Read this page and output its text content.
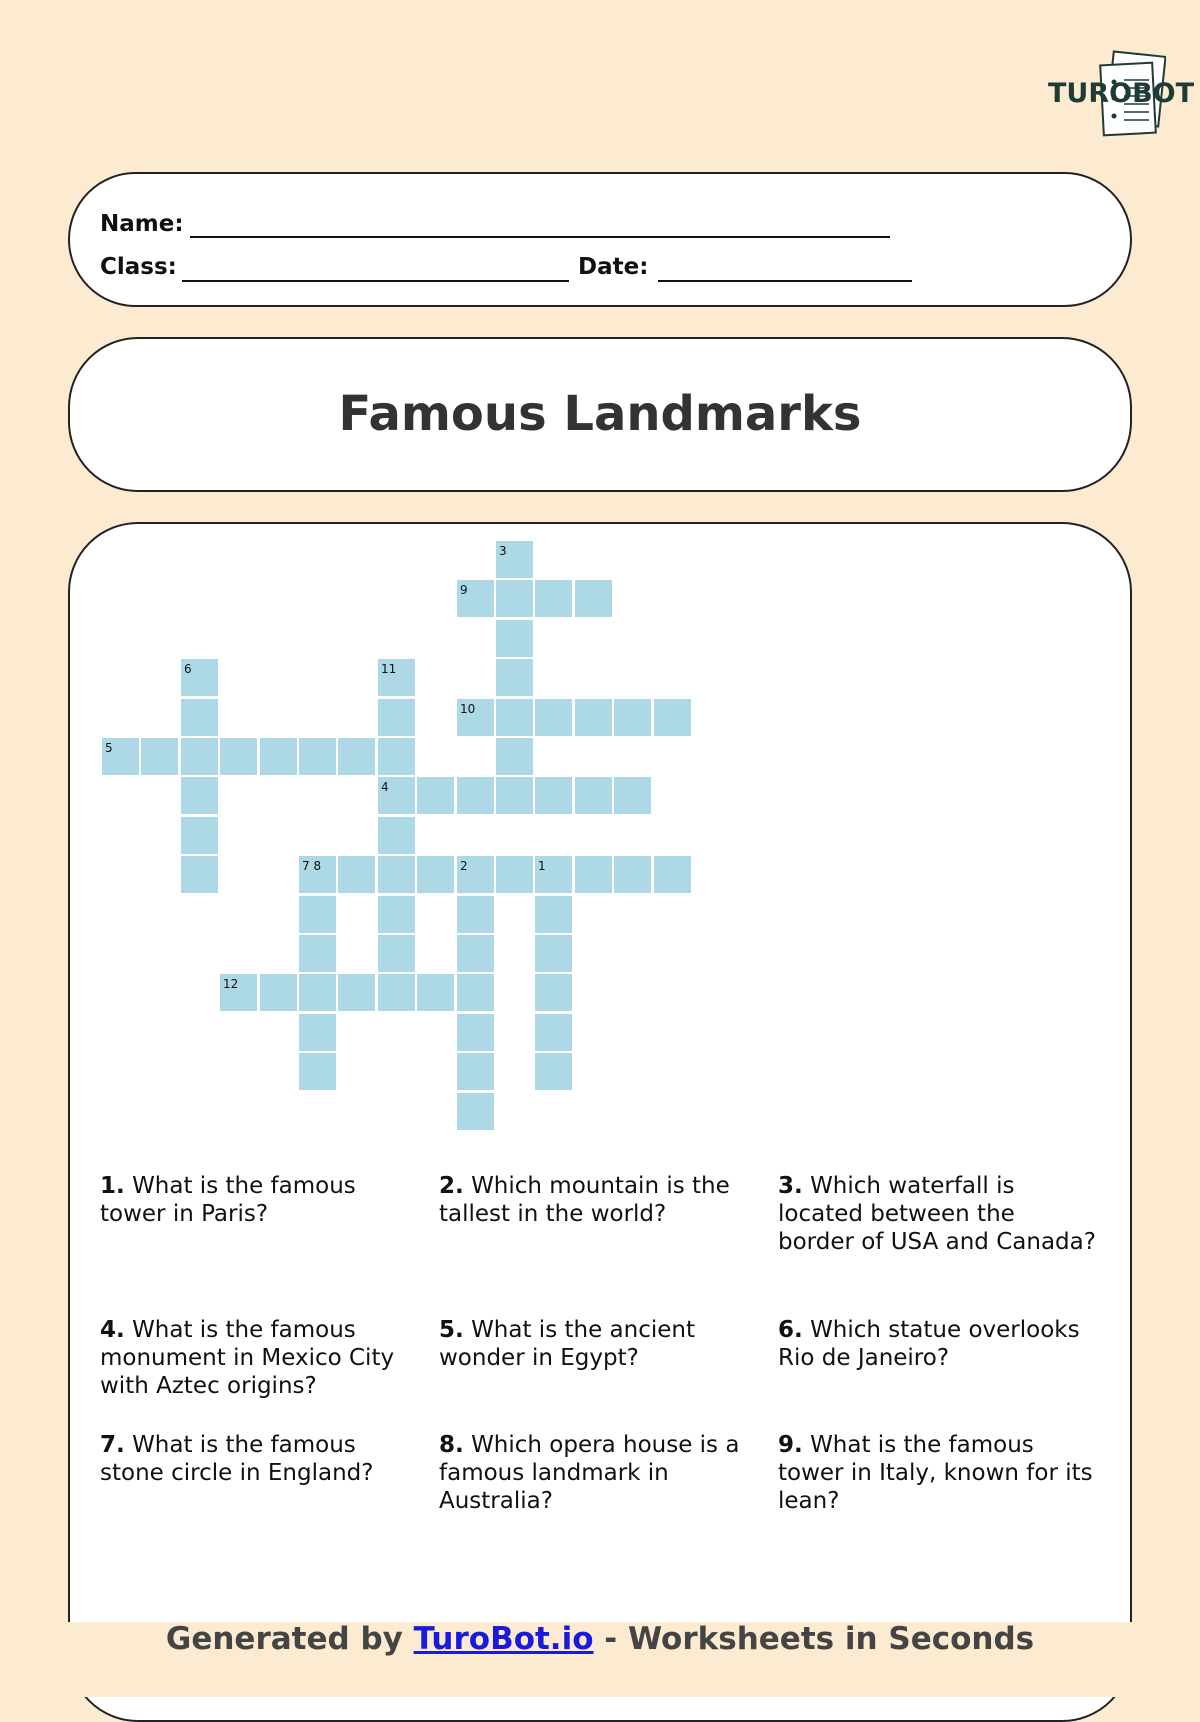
TUROBOT
Name:
Class:	Date:
Famous Landmarks
3
9
6	11
10
5
4
7 8	2	1
12
1. What is the famous tower in Paris?
2. Which mountain is the tallest in the world?
3. Which waterfall is located between the border of USA and Canada?
4. What is the famous monument in Mexico City with Aztec origins?
5. What is the ancient wonder in Egypt?
6. Which statue overlooks Rio de Janeiro?
7. What is the famous stone circle in England?
8. Which opera house is a famous landmark in Australia?
9. What is the famous tower in Italy, known for its lean?
Generated by TuroBot.io - Worksheets in Seconds
